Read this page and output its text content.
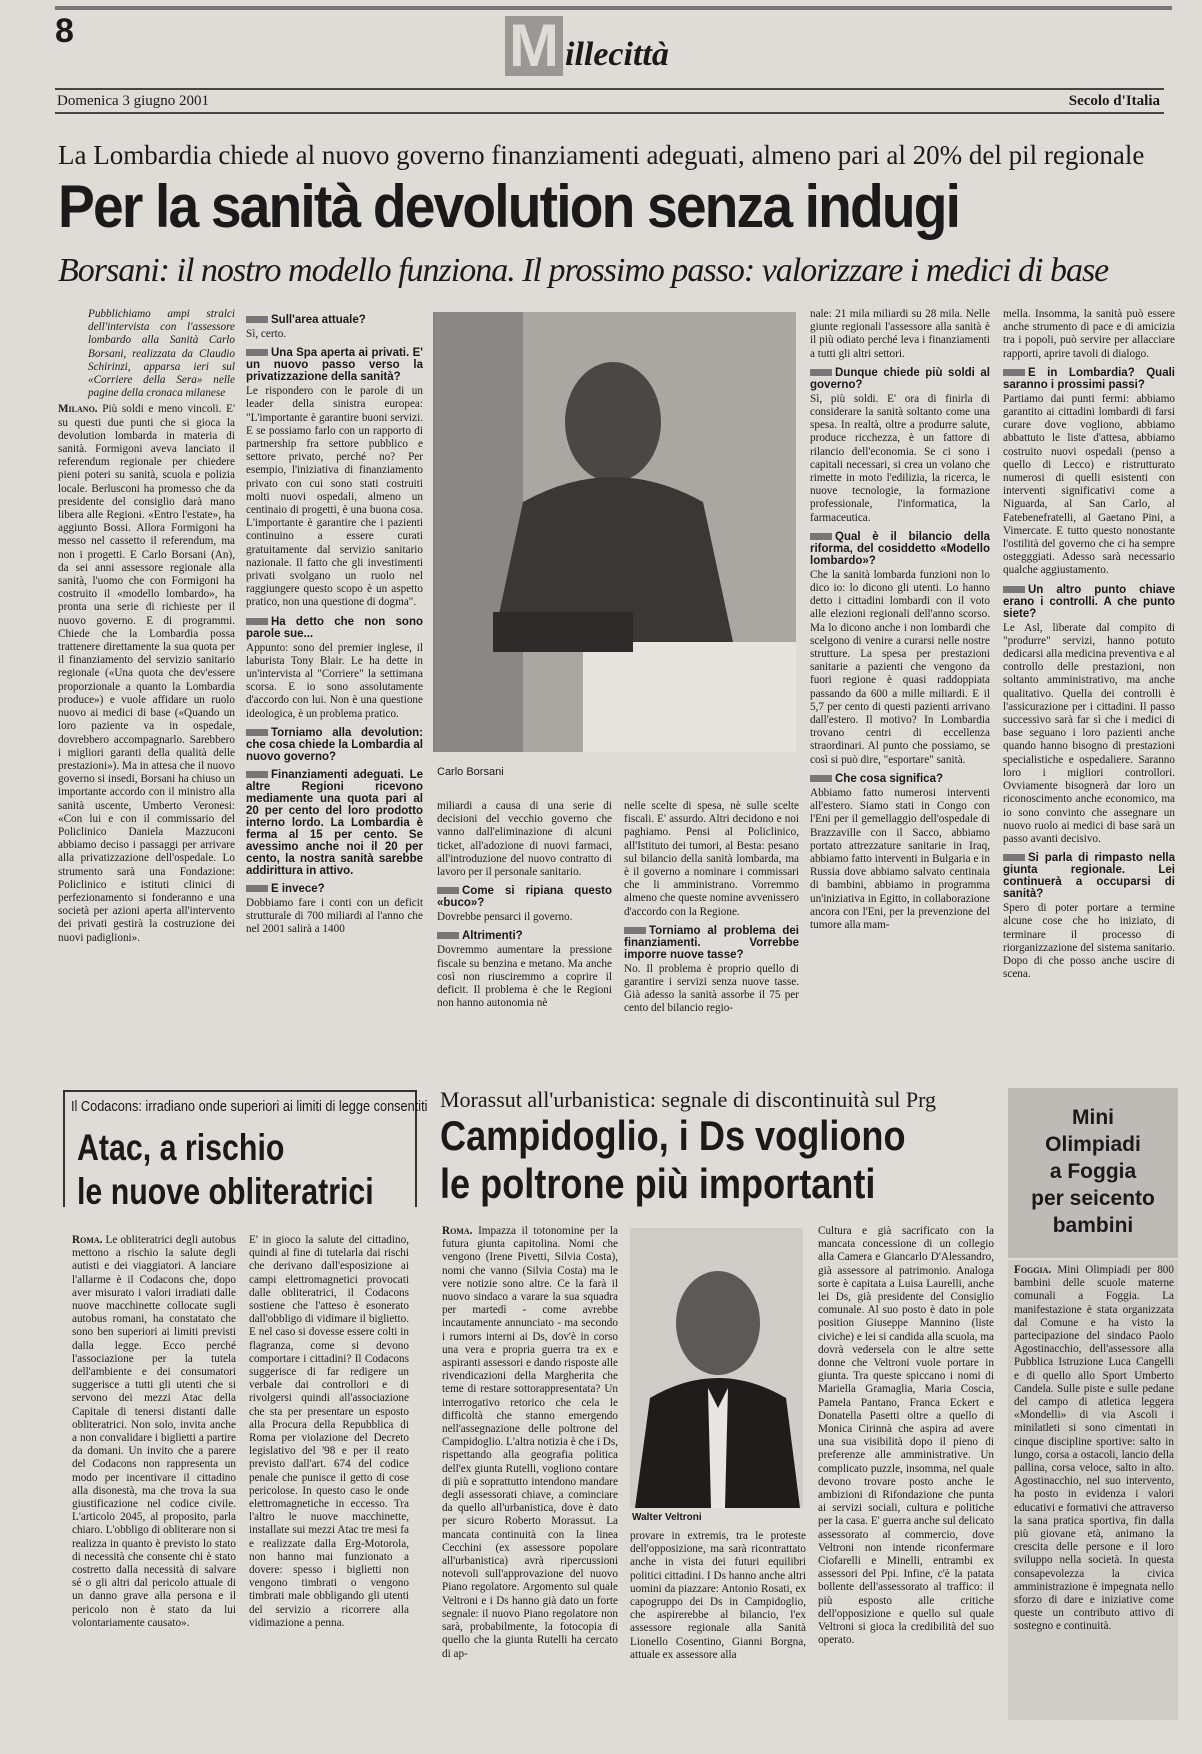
8	M illecittà
Domenica 3 giugno 2001	Secolo d'Italia
La Lombardia chiede al nuovo governo finanziamenti adeguati, almeno pari al 20% del pil regionale
Per la sanità devolution senza indugi
Borsani: il nostro modello funziona. Il prossimo passo: valorizzare i medici di base

Pubblichiamo ampi stralci dell'intervista con l'assessore lombardo alla Sanità Carlo Borsani, realizzata da Claudio Schirinzi, apparsa ieri sul «Corriere della Sera» nelle pagine della cronaca milanese

Milano. Più soldi e meno vincoli. E' su questi due punti che si gioca la devolution lombarda in materia di sanità. Formigoni aveva lanciato il referendum regionale per chiedere pieni poteri su sanità, scuola e polizia locale. Berlusconi ha promesso che da presidente del consiglio darà mano libera alle Regioni. «Entro l'estate», ha aggiunto Bossi. Allora Formigoni ha messo nel cassetto il referendum, ma non i progetti. E Carlo Borsani (An), da sei anni assessore regionale alla sanità, l'uomo che con Formigoni ha costruito il «modello lombardo», ha pronta una serie di richieste per il nuovo governo. E di programmi. Chiede che la Lombardia possa trattenere direttamente la sua quota per il finanziamento del servizio sanitario regionale («Una quota che dev'essere proporzionale a quanto la Lombardia produce») e vuole affidare un ruolo nuovo ai medici di base («Quando un loro paziente va in ospedale, dovrebbero accompagnarlo. Sarebbero i migliori garanti della qualità delle prestazioni»). Ma in attesa che il nuovo governo si insedi, Borsani ha chiuso un importante accordo con il ministro alla sanità uscente, Umberto Veronesi: «Con lui e con il commissario del Policlinico Daniela Mazzuconi abbiamo deciso i passaggi per arrivare alla privatizzazione dell'ospedale. Lo strumento sarà una Fondazione: Policlinico e istituti clinici di perfezionamento si fonderanno e una società per azioni aperta all'intervento dei privati gestirà la costruzione dei nuovi padiglioni».

Sull'area attuale?

Sì, certo.

Una Spa aperta ai privati. E' un nuovo passo verso la privatizzazione della sanità?

Le rispondero con le parole di un leader della sinistra europea: "L'importante è garantire buoni servizi. E se possiamo farlo con un rapporto di partnership fra settore pubblico e settore privato, perché no? Per esempio, l'iniziativa di finanziamento privato con cui sono stati costruiti molti nuovi ospedali, almeno un centinaio di progetti, è una buona cosa. L'importante è garantire che i pazienti continuino a essere curati gratuitamente dal servizio sanitario nazionale. Il fatto che gli investimenti privati svolgano un ruolo nel raggiungere questo scopo è un aspetto pratico, non una questione di dogma".

Ha detto che non sono parole sue...

Appunto: sono del premier inglese, il laburista Tony Blair. Le ha dette in un'intervista al "Corriere" la settimana scorsa. E io sono assolutamente d'accordo con lui. Non è una questione ideologica, è un problema pratico.

Torniamo alla devolution: che cosa chiede la Lombardia al nuovo governo?
Finanziamenti adeguati. Le altre Regioni ricevono mediamente una quota pari al 20 per cento del loro prodotto interno lordo. La Lombardia è ferma al 15 per cento. Se avessimo anche noi il 20 per cento, la nostra sanità sarebbe addirittura in attivo.
E invece?

Dobbiamo fare i conti con un deficit strutturale di 700 miliardi al l'anno che nel 2001 salirà a 1400

Carlo Borsani

miliardi a causa di una serie di decisioni del vecchio governo che vanno dall'eliminazione di alcuni ticket, all'adozione di nuovi farmaci, all'introduzione del nuovo contratto di lavoro per il personale sanitario.

Come si ripiana questo «buco»?

Dovrebbe pensarci il governo.

Altrimenti?

Dovremmo aumentare la pressione fiscale su benzina e metano. Ma anche così non riusciremmo a coprire il deficit. Il problema è che le Regioni non hanno autonomia nè

nelle scelte di spesa, nè sulle scelte fiscali. E' assurdo. Altri decidono e noi paghiamo. Pensi al Policlinico, all'Istituto dei tumori, al Besta: pesano sul bilancio della sanità lombarda, ma è il governo a nominare i commissari che li amministrano. Vorremmo almeno che queste nomine avvenissero d'accordo con la Regione.

Torniamo al problema dei finanziamenti. Vorrebbe imporre nuove tasse?

No. Il problema è proprio quello di garantire i servizi senza nuove tasse. Già adesso la sanità assorbe il 75 per cento del bilancio regio-

nale: 21 mila miliardi su 28 mila. Nelle giunte regionali l'assessore alla sanità è il più odiato perché leva i finanziamenti a tutti gli altri settori.

Dunque chiede più soldi al governo?

Sì, più soldi. E' ora di finirla di considerare la sanità soltanto come una spesa. In realtà, oltre a produrre salute, produce ricchezza, è un fattore di rilancio dell'economia. Se ci sono i capitali necessari, si crea un volano che rimette in moto l'edilizia, la ricerca, le nuove tecnologie, la formazione professionale, l'informatica, la farmaceutica.

Qual è il bilancio della riforma, del cosiddetto «Modello lombardo»?

Che la sanità lombarda funzioni non lo dico io: lo dicono gli utenti. Lo hanno detto i cittadini lombardi con il voto alle elezioni regionali dell'anno scorso. Ma lo dicono anche i non lombardi che scelgono di venire a curarsi nelle nostre strutture. La spesa per prestazioni sanitarie a pazienti che vengono da fuori regione è quasi raddoppiata passando da 600 a mille miliardi. E il 5,7 per cento di questi pazienti arrivano dall'estero. Il motivo? In Lombardia trovano centri di eccellenza straordinari. Al punto che possiamo, se così si può dire, "esportare" sanità.

Che cosa significa?

Abbiamo fatto numerosi interventi all'estero. Siamo stati in Congo con l'Eni per il gemellaggio dell'ospedale di Brazzaville con il Sacco, abbiamo portato attrezzature sanitarie in Iraq, abbiamo fatto interventi in Bulgaria e in Russia dove abbiamo salvato centinaia di bambini, abbiamo in programma un'iniziativa in Egitto, in collaborazione ancora con l'Eni, per la prevenzione del tumore alla mam-

mella. Insomma, la sanità può essere anche strumento di pace e di amicizia tra i popoli, può servire per allacciare rapporti, aprire tavoli di dialogo.

E in Lombardia? Quali saranno i prossimi passi?

Partiamo dai punti fermi: abbiamo garantito ai cittadini lombardi di farsi curare dove vogliono, abbiamo abbattuto le liste d'attesa, abbiamo costruito nuovi ospedali (penso a quello di Lecco) e ristrutturato numerosi di quelli esistenti con interventi significativi come a Niguarda, al San Carlo, al Fatebenefratelli, al Gaetano Pini, a Vimercate. E tutto questo nonostante l'ostilità del governo che ci ha sempre ostegggiati. Adesso sarà necessario qualche aggiustamento.

Un altro punto chiave erano i controlli. A che punto siete?

Le Asl, liberate dal compito di "produrre" servizi, hanno potuto dedicarsi alla medicina preventiva e al controllo delle prestazioni, non soltanto amministrativo, ma anche qualitativo. Quella dei controlli è l'assicurazione per i cittadini. Il passo successivo sarà far sì che i medici di base seguano i loro pazienti anche quando hanno bisogno di prestazioni specialistiche e ospedaliere. Saranno loro i migliori controllori. Ovviamente bisognerà dar loro un riconoscimento anche economico, ma io sono convinto che assegnare un nuovo ruolo ai medici di base sarà un passo avanti decisivo.

Si parla di rimpasto nella giunta regionale. Lei continuerà a occuparsi di sanità?

Spero di poter portare a termine alcune cose che ho iniziato, di terminare il processo di riorganizzazione del sistema sanitario. Dopo di che posso anche uscire di scena.

Il Codacons: irradiano onde superiori ai limiti di legge consentiti
Atac, a rischio
le nuove obliteratrici

Roma. Le obliteratrici degli autobus mettono a rischio la salute degli autisti e dei viaggiatori. A lanciare l'allarme è il Codacons che, dopo aver misurato i valori irradiati dalle nuove macchinette collocate sugli autobus romani, ha constatato che sono ben superiori ai limiti previsti dalla legge. Ecco perché l'associazione per la tutela dell'ambiente e dei consumatori suggerisce a tutti gli utenti che si servono dei mezzi Atac della Capitale di tenersi distanti dalle obliteratrici. Non solo, invita anche a non convalidare i biglietti a partire da domani. Un invito che a parere del Codacons non rappresenta un modo per incentivare il cittadino alla disonestà, ma che trova la sua giustificazione nel codice civile. L'articolo 2045, al proposito, parla chiaro. L'obbligo di obliterare non si realizza in quanto è previsto lo stato di necessità che consente chi è stato costretto dalla necessità di salvare sé o gli altri dal pericolo attuale di un danno grave alla persona e il pericolo non è stato da lui volontariamente causato».

E' in gioco la salute del cittadino, quindi al fine di tutelarla dai rischi che derivano dall'esposizione ai campi elettromagnetici provocati dalle obliteratrici, il Codacons sostiene che l'atteso è esonerato dall'obbligo di vidimare il biglietto. E nel caso si dovesse essere colti in flagranza, come si devono comportare i cittadini? Il Codacons suggerisce di far redigere un verbale dai controllori e di rivolgersi quindi all'associazione che sta per presentare un esposto alla Procura della Repubblica di Roma per violazione del Decreto legislativo del '98 e per il reato previsto dall'art. 674 del codice penale che punisce il getto di cose pericolose. In questo caso le onde elettromagnetiche in eccesso. Tra l'altro le nuove macchinette, installate sui mezzi Atac tre mesi fa e realizzate dalla Erg-Motorola, non hanno mai funzionato a dovere: spesso i biglietti non vengono timbrati o vengono timbrati male obbligando gli utenti del servizio a ricorrere alla vidimazione a penna.

Morassut all'urbanistica: segnale di discontinuità sul Prg
Campidoglio, i Ds vogliono
le poltrone più importanti

Roma. Impazza il totonomine per la futura giunta capitolina. Nomi che vengono (Irene Pivetti, Silvia Costa), nomi che vanno (Silvia Costa) ma le vere notizie sono altre. Ce la farà il nuovo sindaco a varare la sua squadra per martedì - come avrebbe incautamente annunciato - ma secondo i rumors interni ai Ds, dov'è in corso una vera e propria guerra tra ex e aspiranti assessori e dando risposte alle rivendicazioni della Margherita che teme di restare sottorappresentata? Un interrogativo retorico che cela le difficoltà che stanno emergendo nell'assegnazione delle poltrone del Campidoglio. L'altra notizia è che i Ds, rispettando alla geografia politica dell'ex giunta Rutelli, vogliono contare di più e soprattutto intendono mandare degli assessorati chiave, a cominciare da quello all'urbanistica, dove è dato per sicuro Roberto Morassut. La mancata continuità con la linea Cecchini (ex assessore popolare all'urbanistica) avrà ripercussioni notevoli sull'approvazione del nuovo Piano regolatore. Argomento sul quale Veltroni e i Ds hanno già dato un forte segnale: il nuovo Piano regolatore non sarà, probabilmente, la fotocopia di quello che la giunta Rutelli ha cercato di ap-

Walter Veltroni

provare in extremis, tra le proteste dell'opposizione, ma sarà ricontrattato anche in vista dei futuri equilibri politici cittadini. I Ds hanno anche altri uomini da piazzare: Antonio Rosati, ex capogruppo dei Ds in Campidoglio, che aspirerebbe al bilancio, l'ex assessore regionale alla Sanità Lionello Cosentino, Gianni Borgna, attuale ex assessore alla

Cultura e già sacrificato con la mancata concessione di un collegio alla Camera e Giancarlo D'Alessandro, già assessore al patrimonio. Analoga sorte è capitata a Luisa Laurelli, anche lei Ds, già presidente del Consiglio comunale. Al suo posto è dato in pole position Giuseppe Mannino (liste civiche) e lei si candida alla scuola, ma dovrà vedersela con le altre sette donne che Veltroni vuole portare in giunta. Tra queste spiccano i nomi di Mariella Gramaglia, Maria Coscia, Pamela Pantano, Franca Eckert e Donatella Pasetti oltre a quello di Monica Cirinnà che aspira ad avere una sua visibilità dopo il pieno di preferenze alle amministrative. Un complicato puzzle, insomma, nel quale devono trovare posto anche le ambizioni di Rifondazione che punta ai servizi sociali, cultura e politiche per la casa. E' guerra anche sul delicato assessorato al commercio, dove Veltroni non intende riconfermare Ciofarelli e Minelli, entrambi ex assessori del Ppi. Infine, c'è la patata bollente dell'assessorato al traffico: il più esposto alle critiche dell'opposizione e quello sul quale Veltroni si gioca la credibilità del suo operato.

Mini
Olimpiadi
a Foggia
per seicento
bambini

Foggia. Mini Olimpiadi per 800 bambini delle scuole materne comunali a Foggia. La manifestazione è stata organizzata dal Comune e ha visto la partecipazione del sindaco Paolo Agostinacchio, dell'assessore alla Pubblica Istruzione Luca Cangelli e di quello allo Sport Umberto Candela. Sulle piste e sulle pedane del campo di atletica leggera «Mondelli» di via Ascoli i minilatleti si sono cimentati in cinque discipline sportive: salto in lungo, corsa a ostacoli, lancio della pallina, corsa veloce, salto in alto. Agostinacchio, nel suo intervento, ha posto in evidenza i valori educativi e formativi che attraverso la sana pratica sportiva, fin dalla più giovane età, animano la crescita delle persone e il loro sviluppo nella società. In questa consapevolezza la civica amministrazione è impegnata nello sforzo di dare e iniziative come queste un contributo attivo di sostegno e continuità.
